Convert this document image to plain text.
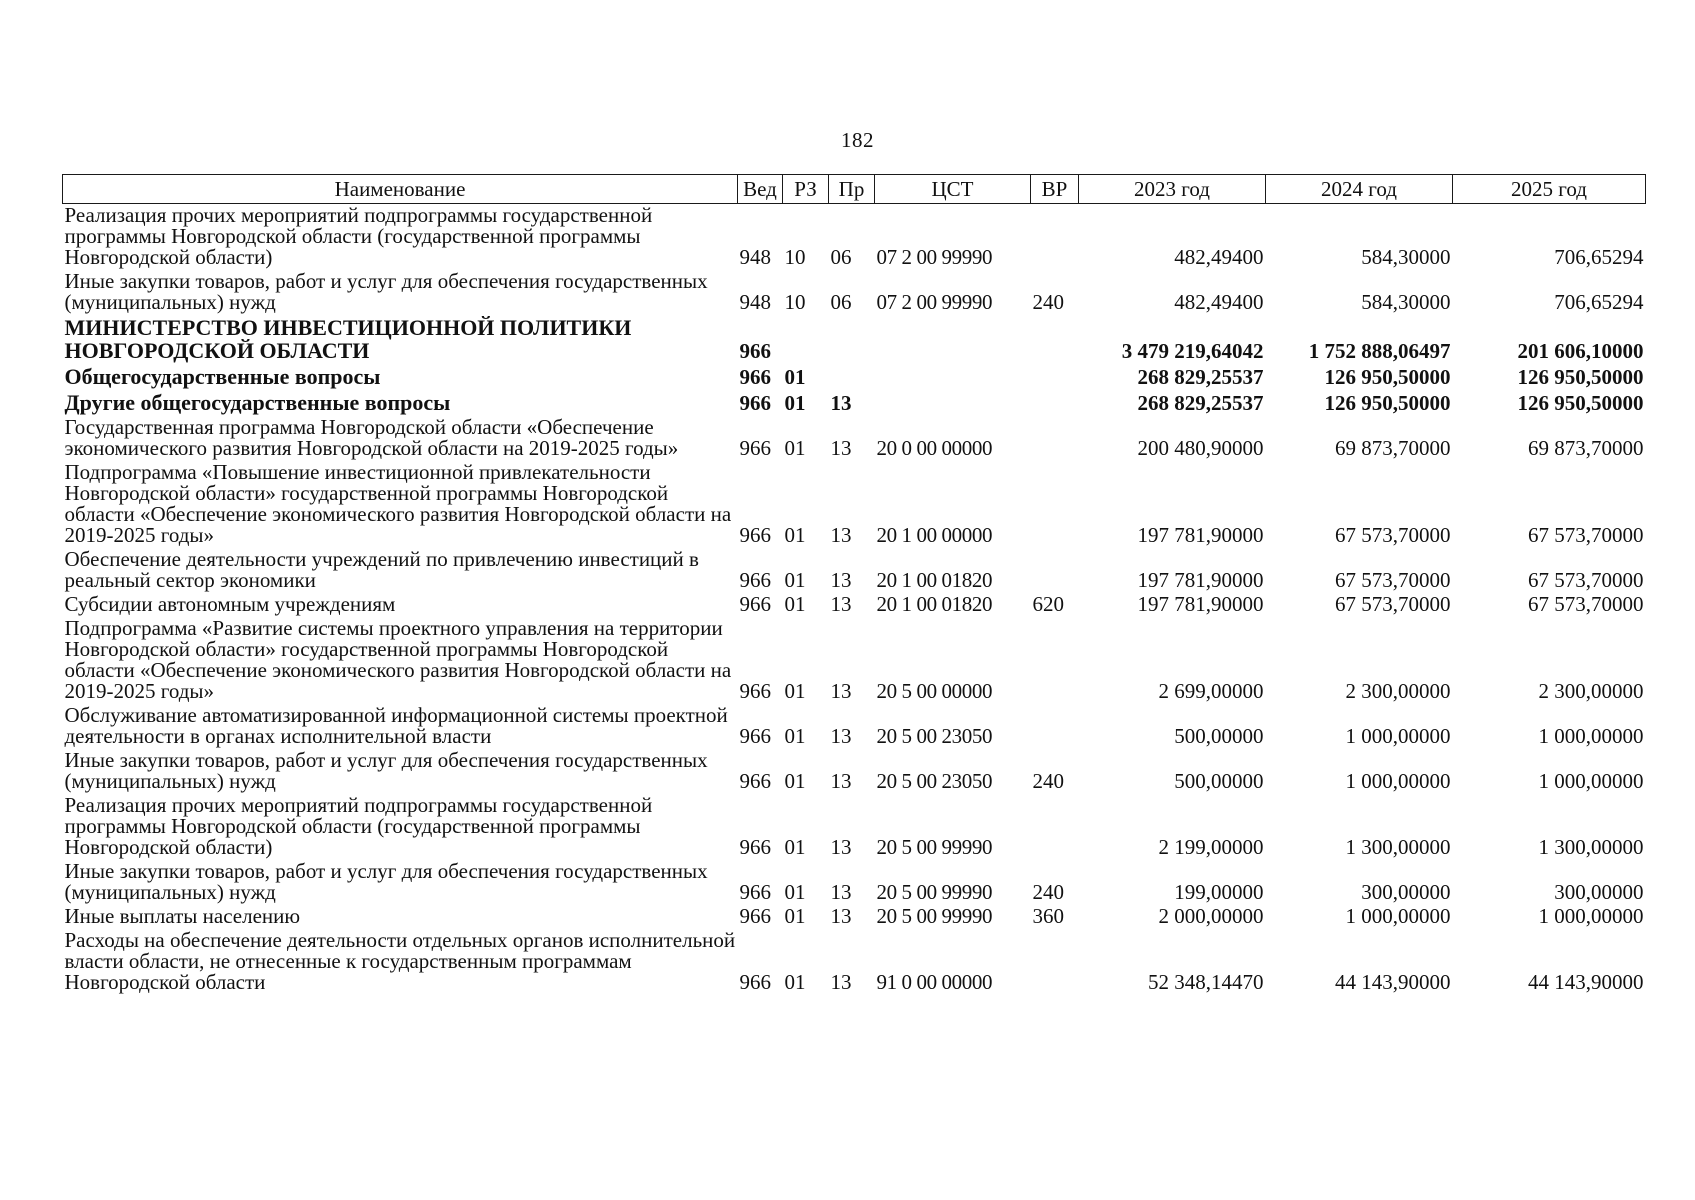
182
Наименование	Вед	РЗ	Пр	ЦСТ	ВР	2023 год	2024 год	2025 год
Реализация прочих мероприятий подпрограммы государственной программы Новгородской области (государственной программы Новгородской области)	948	10	06	07 2 00 99990		482,49400	584,30000	706,65294
Иные закупки товаров, работ и услуг для обеспечения государственных (муниципальных) нужд	948	10	06	07 2 00 99990	240	482,49400	584,30000	706,65294
МИНИСТЕРСТВО ИНВЕСТИЦИОННОЙ ПОЛИТИКИ НОВГОРОДСКОЙ ОБЛАСТИ	966					3 479 219,64042	1 752 888,06497	201 606,10000
Общегосударственные вопросы	966	01				268 829,25537	126 950,50000	126 950,50000
Другие общегосударственные вопросы	966	01	13			268 829,25537	126 950,50000	126 950,50000
Государственная программа Новгородской области «Обеспечение экономического развития Новгородской области на 2019-2025 годы»	966	01	13	20 0 00 00000		200 480,90000	69 873,70000	69 873,70000
Подпрограмма «Повышение инвестиционной привлекательности Новгородской области» государственной программы Новгородской области «Обеспечение экономического развития Новгородской области на 2019-2025 годы»	966	01	13	20 1 00 00000		197 781,90000	67 573,70000	67 573,70000
Обеспечение деятельности учреждений по привлечению инвестиций в реальный сектор экономики	966	01	13	20 1 00 01820		197 781,90000	67 573,70000	67 573,70000
Субсидии автономным учреждениям	966	01	13	20 1 00 01820	620	197 781,90000	67 573,70000	67 573,70000
Подпрограмма «Развитие системы проектного управления на территории Новгородской области» государственной программы Новгородской области «Обеспечение экономического развития Новгородской области на 2019-2025 годы»	966	01	13	20 5 00 00000		2 699,00000	2 300,00000	2 300,00000
Обслуживание автоматизированной информационной системы проектной деятельности в органах исполнительной власти	966	01	13	20 5 00 23050		500,00000	1 000,00000	1 000,00000
Иные закупки товаров, работ и услуг для обеспечения государственных (муниципальных) нужд	966	01	13	20 5 00 23050	240	500,00000	1 000,00000	1 000,00000
Реализация прочих мероприятий подпрограммы государственной программы Новгородской области (государственной программы Новгородской области)	966	01	13	20 5 00 99990		2 199,00000	1 300,00000	1 300,00000
Иные закупки товаров, работ и услуг для обеспечения государственных (муниципальных) нужд	966	01	13	20 5 00 99990	240	199,00000	300,00000	300,00000
Иные выплаты населению	966	01	13	20 5 00 99990	360	2 000,00000	1 000,00000	1 000,00000
Расходы на обеспечение деятельности отдельных органов исполнительной власти области, не отнесенные к государственным программам Новгородской области	966	01	13	91 0 00 00000		52 348,14470	44 143,90000	44 143,90000
